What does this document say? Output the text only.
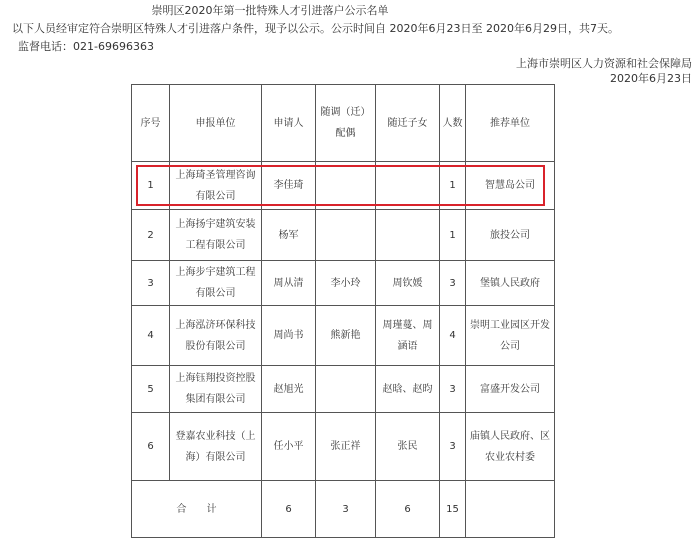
崇明区2020年第一批特殊人才引进落户公示名单
以下人员经审定符合崇明区特殊人才引进落户条件，现予以公示。公示时间自 2020年6月23日至 2020年6月29日，共7天。
监督电话：021-69696363
上海市崇明区人力资源和社会保障局
2020年6月23日
序号	申报单位	申请人	随调（迁）配偶	随迁子女	人数	推荐单位
1	上海琦圣管理咨询有限公司	李佳琦			1	智慧岛公司
2	上海扬宇建筑安装工程有限公司	杨军			1	旅投公司
3	上海步宇建筑工程有限公司	周从清	李小玲	周钦媛	3	堡镇人民政府
4	上海泓济环保科技股份有限公司	周尚书	熊新艳	周瑾蔓、周涵语	4	崇明工业园区开发公司
5	上海钰翔投资控股集团有限公司	赵旭光		赵晗、赵昀	3	富盛开发公司
6	登嘉农业科技（上海）有限公司	任小平	张正祥	张民	3	庙镇人民政府、区农业农村委
合　　计		6	3	6	15	
